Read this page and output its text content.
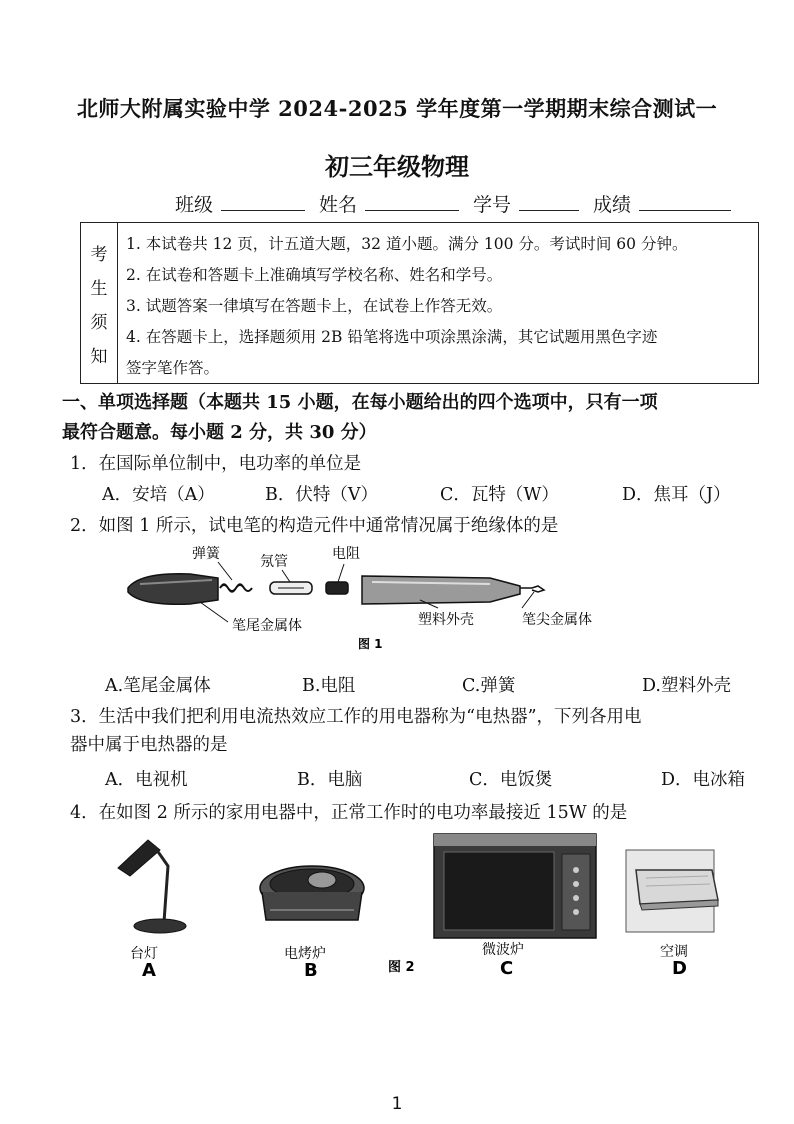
北师大附属实验中学 2024-2025 学年度第一学期期末综合测试一
初三年级物理
班级	姓名	学号	成绩
考
生
须
知
1. 本试卷共 12 页，计五道大题，32 道小题。满分 100 分。考试时间 60 分钟。
2. 在试卷和答题卡上准确填写学校名称、姓名和学号。
3. 试题答案一律填写在答题卡上，在试卷上作答无效。
4. 在答题卡上，选择题须用 2B 铅笔将选中项涂黑涂满，其它试题用黑色字迹
签字笔作答。
一、单项选择题（本题共 15 小题，在每小题给出的四个选项中，只有一项
最符合题意。每小题 2 分，共 30 分）
1．在国际单位制中，电功率的单位是
A．安培（A）	B．伏特（V）	C．瓦特（W）	D．焦耳（J）
2．如图 1 所示，试电笔的构造元件中通常情况属于绝缘体的是
弹簧	氖管	电阻
笔尾金属体	塑料外壳	笔尖金属体
图 1
A.笔尾金属体	B.电阻	C.弹簧	D.塑料外壳
3．生活中我们把利用电流热效应工作的用电器称为“电热器”，下列各用电
器中属于电热器的是
A．电视机	B．电脑	C．电饭煲	D．电冰箱
4．在如图 2 所示的家用电器中，正常工作时的电功率最接近 15W 的是
台灯
A
电烤炉
B	图 2
微波炉
C
空调
D
1
